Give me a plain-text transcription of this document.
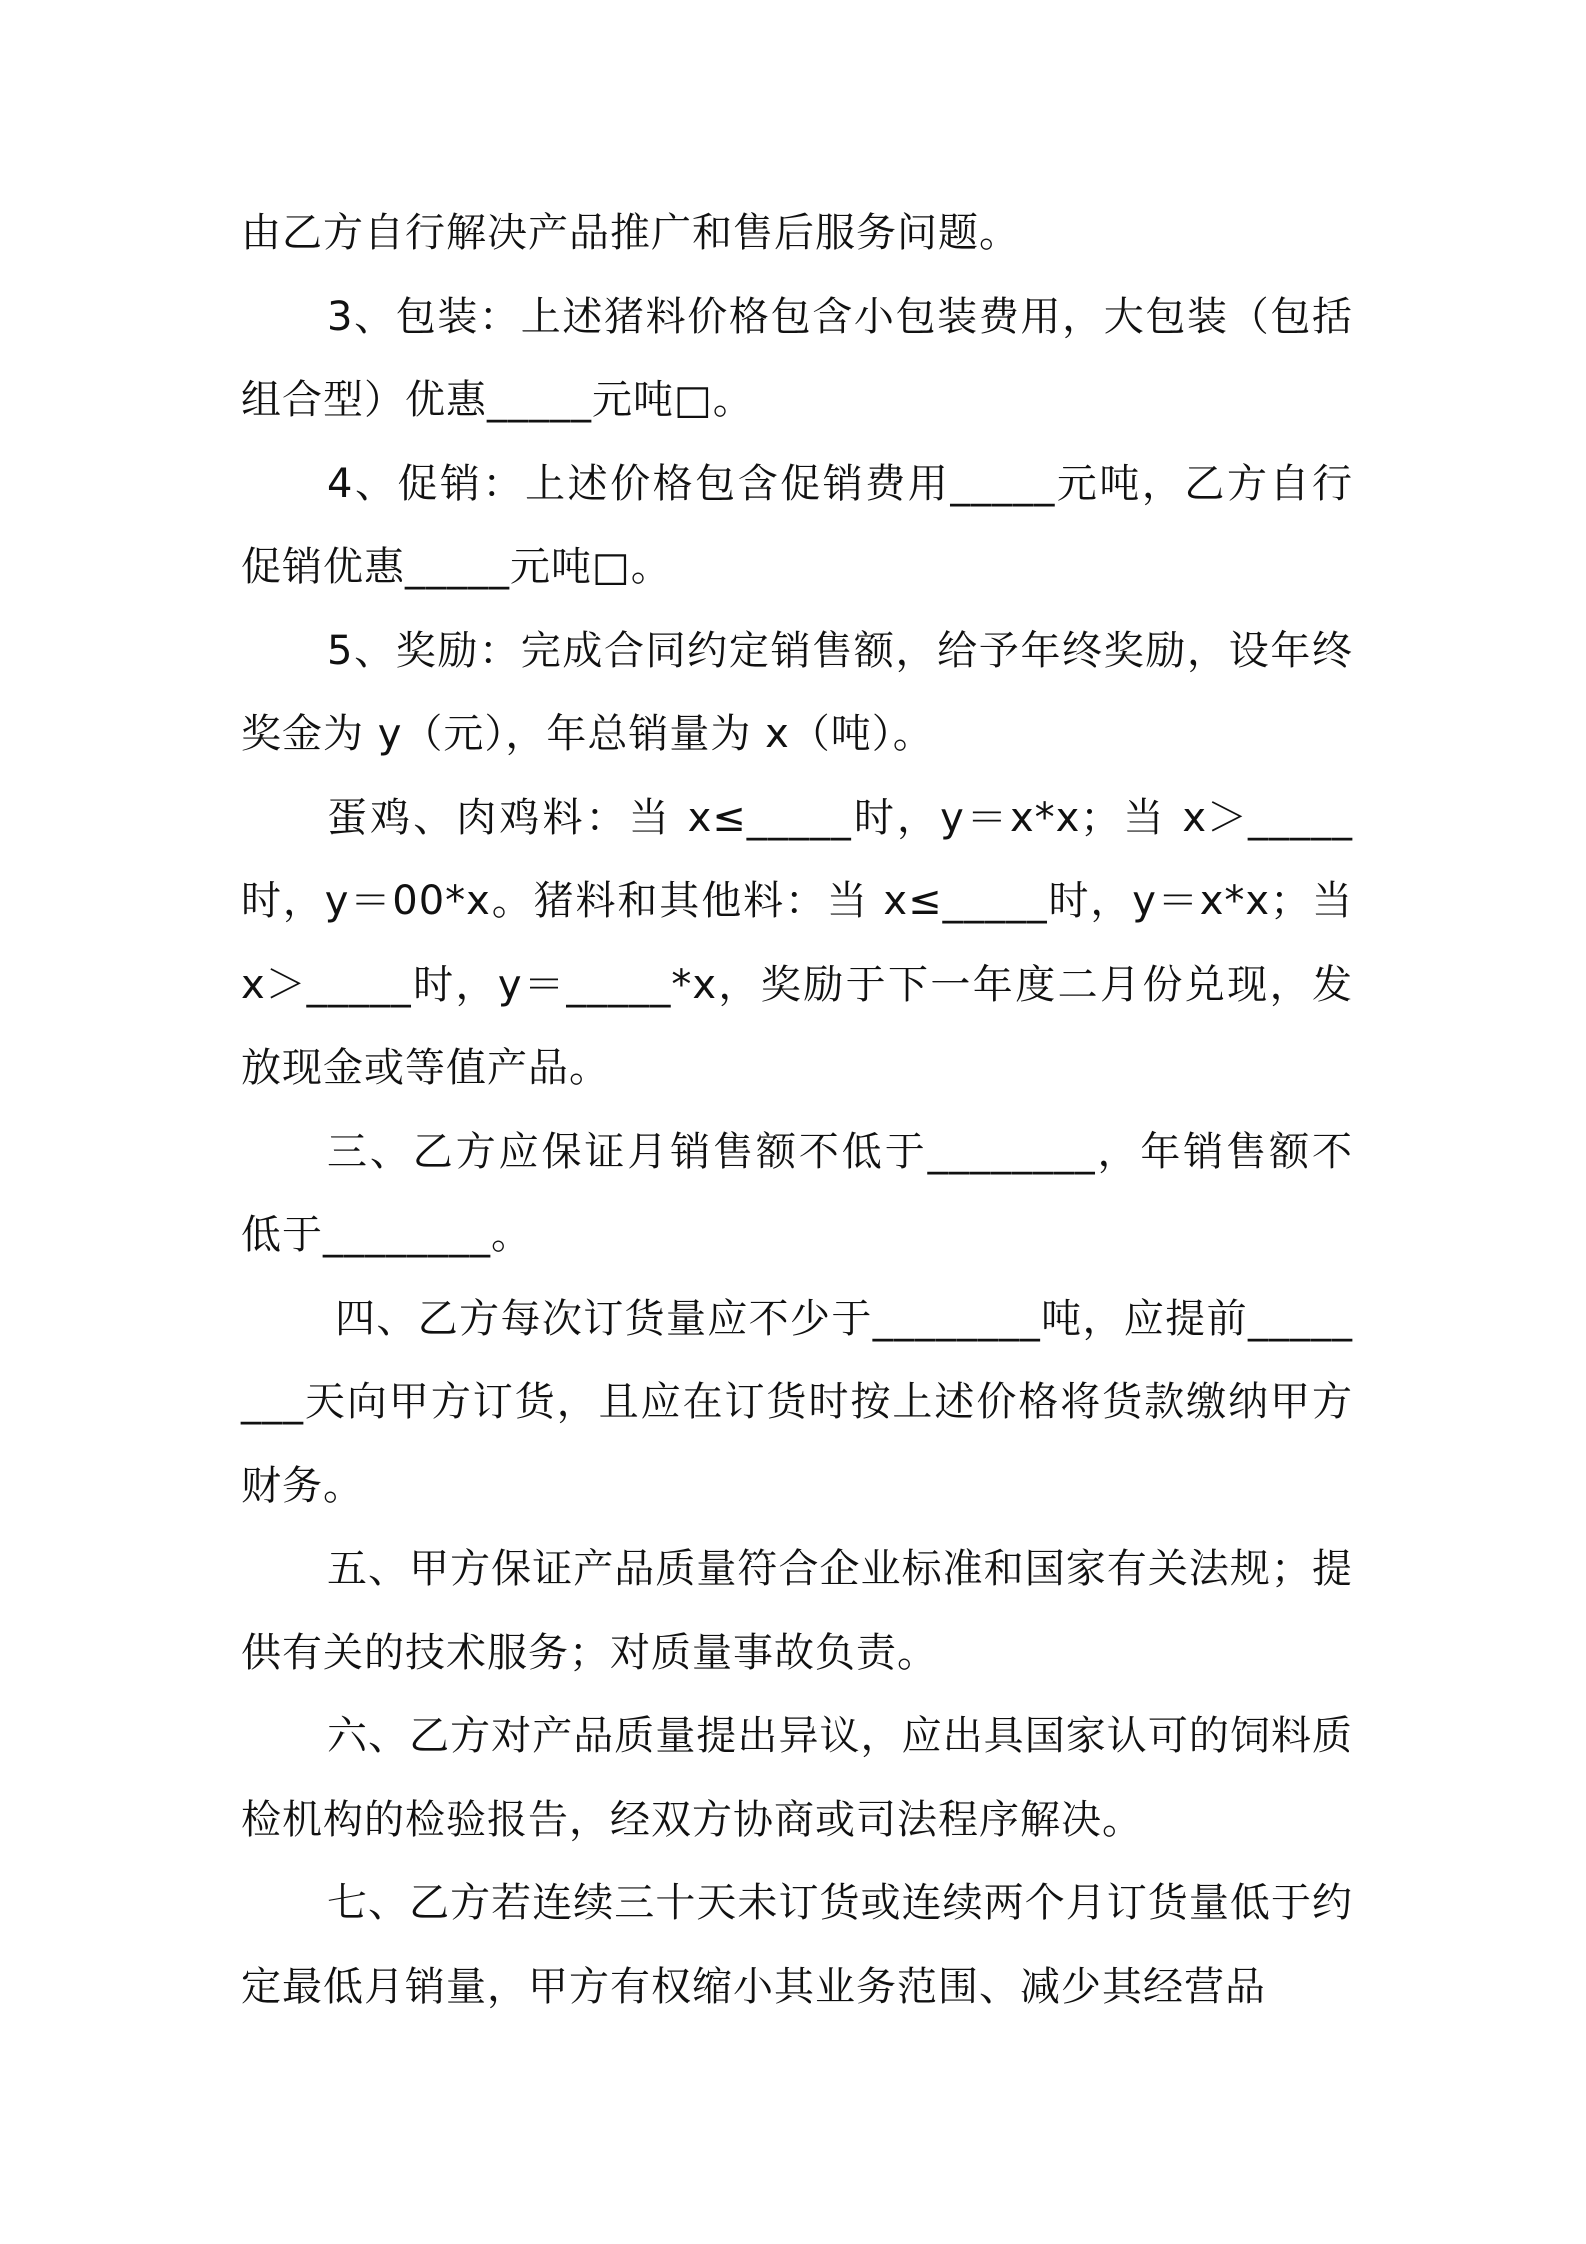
由乙方自行解决产品推广和售后服务问题。

3、包装：上述猪料价格包含小包装费用，大包装（包括组合型）优惠_____元吨□。

4、促销：上述价格包含促销费用_____元吨，乙方自行促销优惠_____元吨□。

5、奖励：完成合同约定销售额，给予年终奖励，设年终奖金为 y（元），年总销量为 x（吨）。

蛋鸡、肉鸡料：当 x≤_____时，y＝x*x；当 x＞_____时，y＝00*x。猪料和其他料：当 x≤_____时，y＝x*x；当 x＞_____时，y＝_____*x，奖励于下一年度二月份兑现，发放现金或等值产品。

三、乙方应保证月销售额不低于________，年销售额不低于________。

四、乙方每次订货量应不少于________吨，应提前________天向甲方订货，且应在订货时按上述价格将货款缴纳甲方财务。

五、甲方保证产品质量符合企业标准和国家有关法规；提供有关的技术服务；对质量事故负责。

六、乙方对产品质量提出异议，应出具国家认可的饲料质检机构的检验报告，经双方协商或司法程序解决。

七、乙方若连续三十天未订货或连续两个月订货量低于约定最低月销量，甲方有权缩小其业务范围、减少其经营品
